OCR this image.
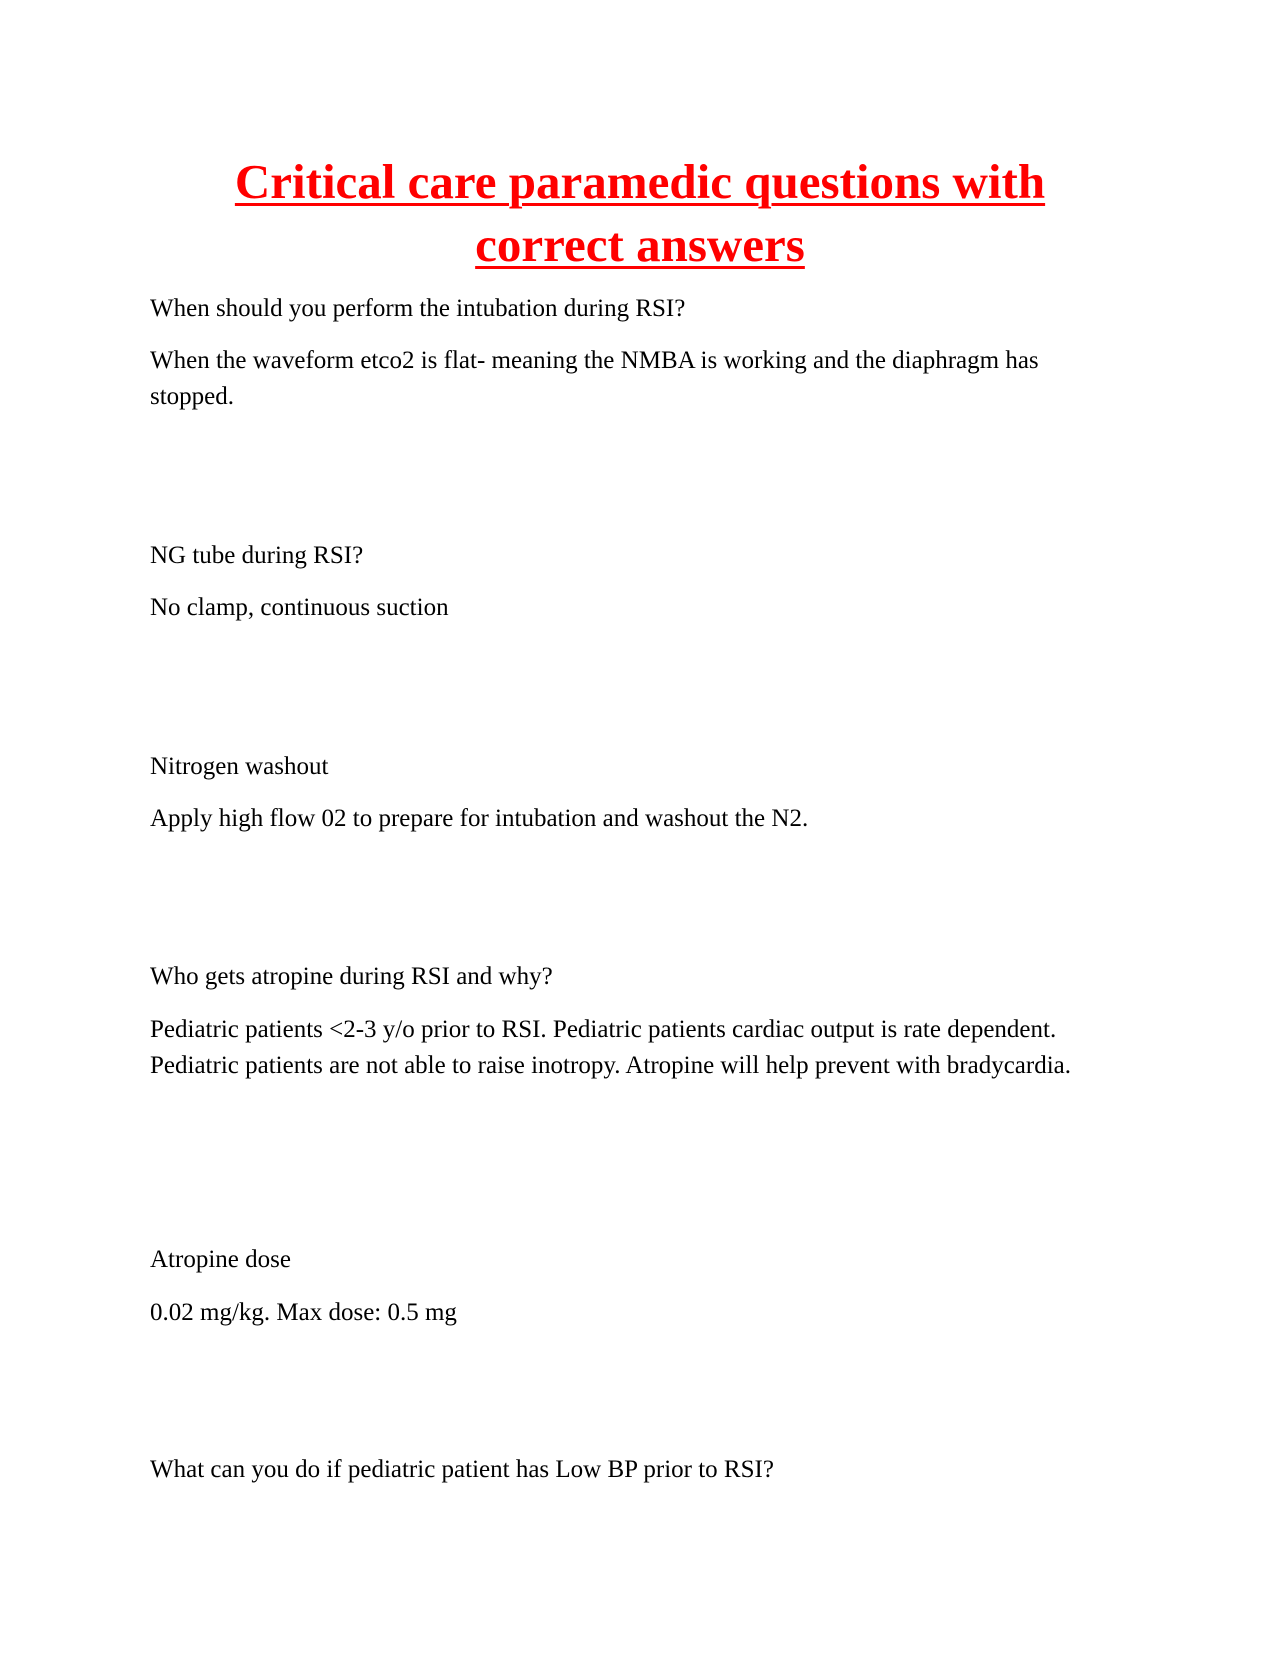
Critical care paramedic questions with
correct answers

When should you perform the intubation during RSI?

When the waveform etco2 is flat- meaning the NMBA is working and the diaphragm has stopped.

NG tube during RSI?

No clamp, continuous suction

Nitrogen washout

Apply high flow 02 to prepare for intubation and washout the N2.

Who gets atropine during RSI and why?

Pediatric patients <2-3 y/o prior to RSI. Pediatric patients cardiac output is rate dependent. Pediatric patients are not able to raise inotropy. Atropine will help prevent with bradycardia.

Atropine dose

0.02 mg/kg. Max dose: 0.5 mg

What can you do if pediatric patient has Low BP prior to RSI?
